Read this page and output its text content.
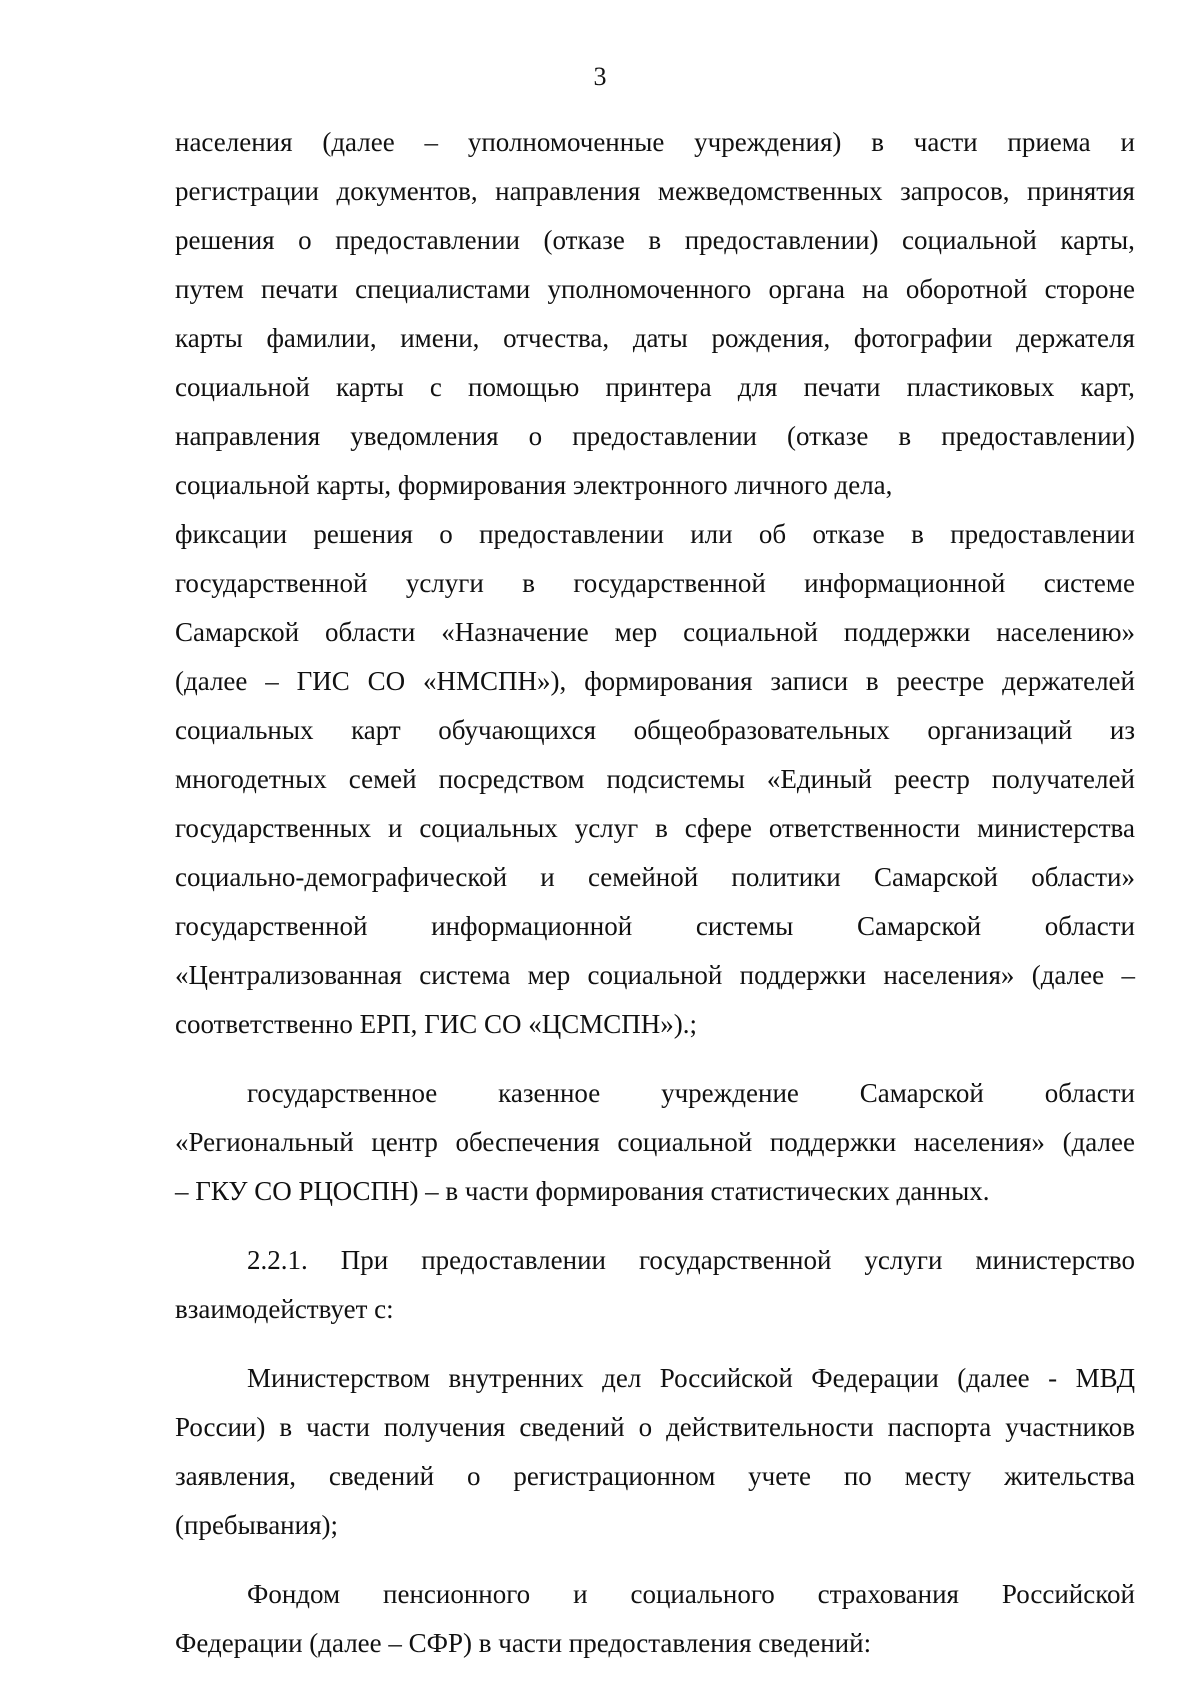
3
населения (далее – уполномоченные учреждения) в части приема и
регистрации документов, направления межведомственных запросов, принятия
решения о предоставлении (отказе в предоставлении) социальной карты,
путем печати специалистами уполномоченного органа на оборотной стороне
карты фамилии, имени, отчества, даты рождения, фотографии держателя
социальной карты с помощью принтера для печати пластиковых карт,
направления уведомления о предоставлении (отказе в предоставлении)
социальной карты, формирования электронного личного дела,
фиксации решения о предоставлении или об отказе в предоставлении
государственной услуги в государственной информационной системе
Самарской области «Назначение мер социальной поддержки населению»
(далее – ГИС СО «НМСПН»), формирования записи в реестре держателей
социальных карт обучающихся общеобразовательных организаций из
многодетных семей посредством подсистемы «Единый реестр получателей
государственных и социальных услуг в сфере ответственности министерства
социально-демографической и семейной политики Самарской области»
государственной информационной системы Самарской области
«Централизованная система мер социальной поддержки населения» (далее –
соответственно ЕРП, ГИС СО «ЦСМСПН»).;
государственное казенное учреждение Самарской области
«Региональный центр обеспечения социальной поддержки населения» (далее
– ГКУ СО РЦОСПН) – в части формирования статистических данных.
2.2.1. При предоставлении государственной услуги министерство
взаимодействует с:
Министерством внутренних дел Российской Федерации (далее - МВД
России) в части получения сведений о действительности паспорта участников
заявления, сведений о регистрационном учете по месту жительства
(пребывания);
Фондом пенсионного и социального страхования Российской
Федерации (далее – СФР) в части предоставления сведений:
